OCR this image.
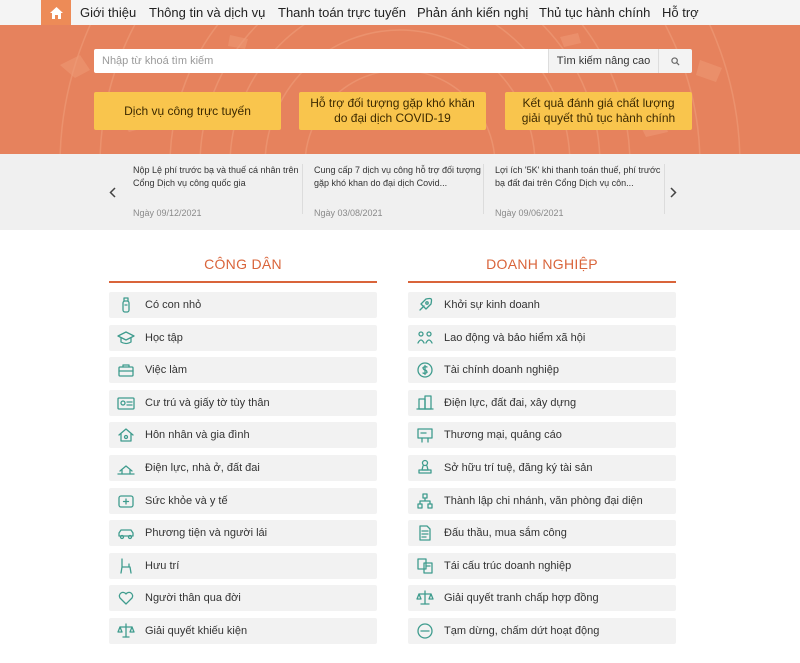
Giới thiệu Thông tin và dịch vụ Thanh toán trực tuyến Phản ánh kiến nghị Thủ tục hành chính Hỗ trợ
Nhập từ khoá tìm kiếm
Tìm kiếm nâng cao
Dịch vụ công trực tuyến
Hỗ trợ đối tượng gặp khó khăn do đại dịch COVID-19
Kết quả đánh giá chất lượng giải quyết thủ tục hành chính
Nộp Lệ phí trước bạ và thuế cá nhân trên Cổng Dịch vụ công quốc gia
Ngày 09/12/2021
Cung cấp 7 dịch vụ công hỗ trợ đối tượng gặp khó khan do đại dịch Covid...
Ngày 03/08/2021
Lợi ích '5K' khi thanh toán thuế, phí trước bạ đất đai trên Cổng Dịch vụ côn...
Ngày 09/06/2021
CÔNG DÂN
Có con nhỏ
Học tập
Việc làm
Cư trú và giấy tờ tùy thân
Hôn nhân và gia đình
Điện lực, nhà ở, đất đai
Sức khỏe và y tế
Phương tiện và người lái
Hưu trí
Người thân qua đời
Giải quyết khiếu kiện
DOANH NGHIỆP
Khởi sự kinh doanh
Lao động và bảo hiểm xã hội
Tài chính doanh nghiệp
Điện lực, đất đai, xây dựng
Thương mại, quảng cáo
Sở hữu trí tuệ, đăng ký tài sản
Thành lập chi nhánh, văn phòng đại diện
Đấu thầu, mua sắm công
Tái cấu trúc doanh nghiệp
Giải quyết tranh chấp hợp đồng
Tạm dừng, chấm dứt hoạt động
